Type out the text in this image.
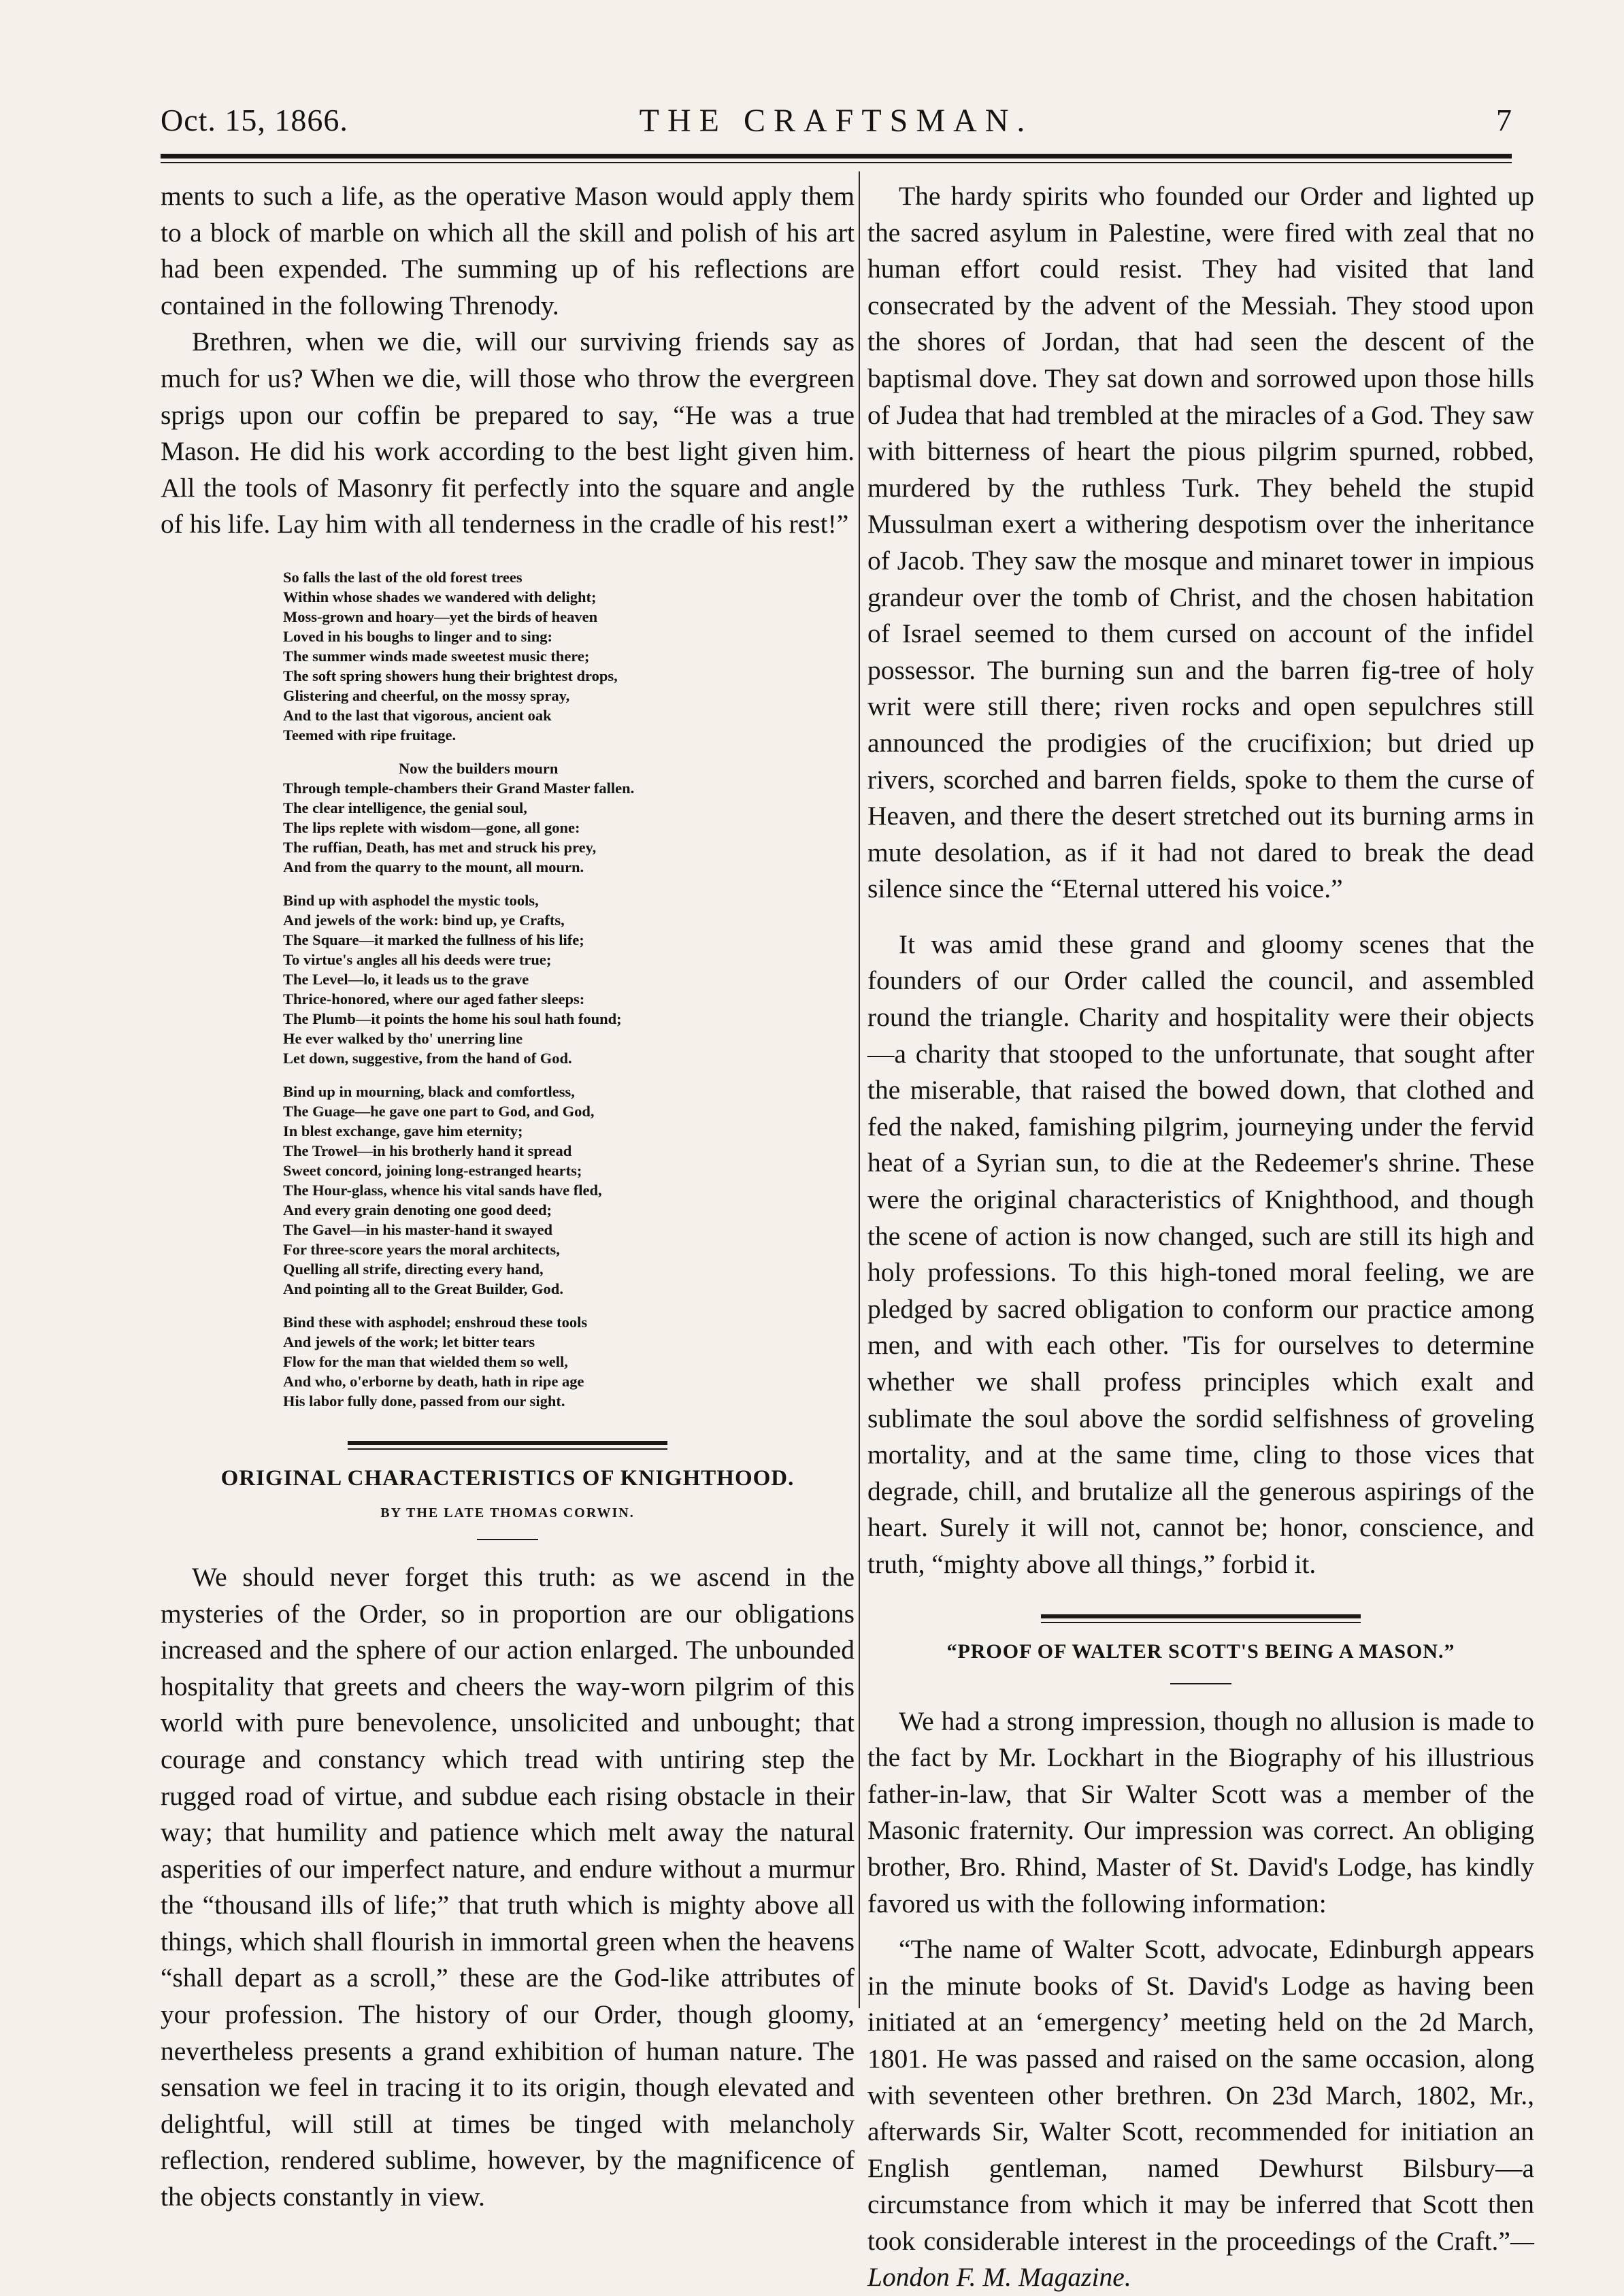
Oct. 15, 1866.	THE CRAFTSMAN.	7

ments to such a life, as the operative Mason would apply them to a block of marble on which all the skill and polish of his art had been expended. The summing up of his reflections are contained in the following Threnody.

Brethren, when we die, will our surviving friends say as much for us? When we die, will those who throw the evergreen sprigs upon our coffin be prepared to say, “He was a true Mason. He did his work according to the best light given him. All the tools of Masonry fit perfectly into the square and angle of his life. Lay him with all tenderness in the cradle of his rest!”

So falls the last of the old forest trees
Within whose shades we wandered with delight;
Moss-grown and hoary—yet the birds of heaven
Loved in his boughs to linger and to sing:
The summer winds made sweetest music there;
The soft spring showers hung their brightest drops,
Glistering and cheerful, on the mossy spray,
And to the last that vigorous, ancient oak
Teemed with ripe fruitage.
Now the builders mourn
Through temple-chambers their Grand Master fallen.
The clear intelligence, the genial soul,
The lips replete with wisdom—gone, all gone:
The ruffian, Death, has met and struck his prey,
And from the quarry to the mount, all mourn.
Bind up with asphodel the mystic tools,
And jewels of the work: bind up, ye Crafts,
The Square—it marked the fullness of his life;
To virtue's angles all his deeds were true;
The Level—lo, it leads us to the grave
Thrice-honored, where our aged father sleeps:
The Plumb—it points the home his soul hath found;
He ever walked by tho' unerring line
Let down, suggestive, from the hand of God.
Bind up in mourning, black and comfortless,
The Guage—he gave one part to God, and God,
In blest exchange, gave him eternity;
The Trowel—in his brotherly hand it spread
Sweet concord, joining long-estranged hearts;
The Hour-glass, whence his vital sands have fled,
And every grain denoting one good deed;
The Gavel—in his master-hand it swayed
For three-score years the moral architects,
Quelling all strife, directing every hand,
And pointing all to the Great Builder, God.
Bind these with asphodel; enshroud these tools
And jewels of the work; let bitter tears
Flow for the man that wielded them so well,
And who, o'erborne by death, hath in ripe age
His labor fully done, passed from our sight.
ORIGINAL CHARACTERISTICS OF KNIGHTHOOD.
BY THE LATE THOMAS CORWIN.

We should never forget this truth: as we ascend in the mysteries of the Order, so in proportion are our obligations increased and the sphere of our action enlarged. The unbounded hospitality that greets and cheers the way-worn pilgrim of this world with pure benevolence, unsolicited and unbought; that courage and constancy which tread with untiring step the rugged road of virtue, and subdue each rising obstacle in their way; that humility and patience which melt away the natural asperities of our imperfect nature, and endure without a murmur the “thousand ills of life;” that truth which is mighty above all things, which shall flourish in immortal green when the heavens “shall depart as a scroll,” these are the God-like attributes of your profession. The history of our Order, though gloomy, nevertheless presents a grand exhibition of human nature. The sensation we feel in tracing it to its origin, though elevated and delightful, will still at times be tinged with melancholy reflection, rendered sublime, however, by the magnificence of the objects constantly in view.

The hardy spirits who founded our Order and lighted up the sacred asylum in Palestine, were fired with zeal that no human effort could resist. They had visited that land consecrated by the advent of the Messiah. They stood upon the shores of Jordan, that had seen the descent of the baptismal dove. They sat down and sorrowed upon those hills of Judea that had trembled at the miracles of a God. They saw with bitterness of heart the pious pilgrim spurned, robbed, murdered by the ruthless Turk. They beheld the stupid Mussulman exert a withering despotism over the inheritance of Jacob. They saw the mosque and minaret tower in impious grandeur over the tomb of Christ, and the chosen habitation of Israel seemed to them cursed on account of the infidel possessor. The burning sun and the barren fig-tree of holy writ were still there; riven rocks and open sepulchres still announced the prodigies of the crucifixion; but dried up rivers, scorched and barren fields, spoke to them the curse of Heaven, and there the desert stretched out its burning arms in mute desolation, as if it had not dared to break the dead silence since the “Eternal uttered his voice.”

It was amid these grand and gloomy scenes that the founders of our Order called the council, and assembled round the triangle. Charity and hospitality were their objects—a charity that stooped to the unfortunate, that sought after the miserable, that raised the bowed down, that clothed and fed the naked, famishing pilgrim, journeying under the fervid heat of a Syrian sun, to die at the Redeemer's shrine. These were the original characteristics of Knighthood, and though the scene of action is now changed, such are still its high and holy professions. To this high-toned moral feeling, we are pledged by sacred obligation to conform our practice among men, and with each other. 'Tis for ourselves to determine whether we shall profess principles which exalt and sublimate the soul above the sordid selfishness of groveling mortality, and at the same time, cling to those vices that degrade, chill, and brutalize all the generous aspirings of the heart. Surely it will not, cannot be; honor, conscience, and truth, “mighty above all things,” forbid it.

“PROOF OF WALTER SCOTT'S BEING A MASON.”

We had a strong impression, though no allusion is made to the fact by Mr. Lockhart in the Biography of his illustrious father-in-law, that Sir Walter Scott was a member of the Masonic fraternity. Our impression was correct. An obliging brother, Bro. Rhind, Master of St. David's Lodge, has kindly favored us with the following information:

“The name of Walter Scott, advocate, Edinburgh appears in the minute books of St. David's Lodge as having been initiated at an ‘emergency’ meeting held on the 2d March, 1801. He was passed and raised on the same occasion, along with seventeen other brethren. On 23d March, 1802, Mr., afterwards Sir, Walter Scott, recommended for initiation an English gentleman, named Dewhurst Bilsbury—a circumstance from which it may be inferred that Scott then took considerable interest in the proceedings of the Craft.”—London F. M. Magazine.
